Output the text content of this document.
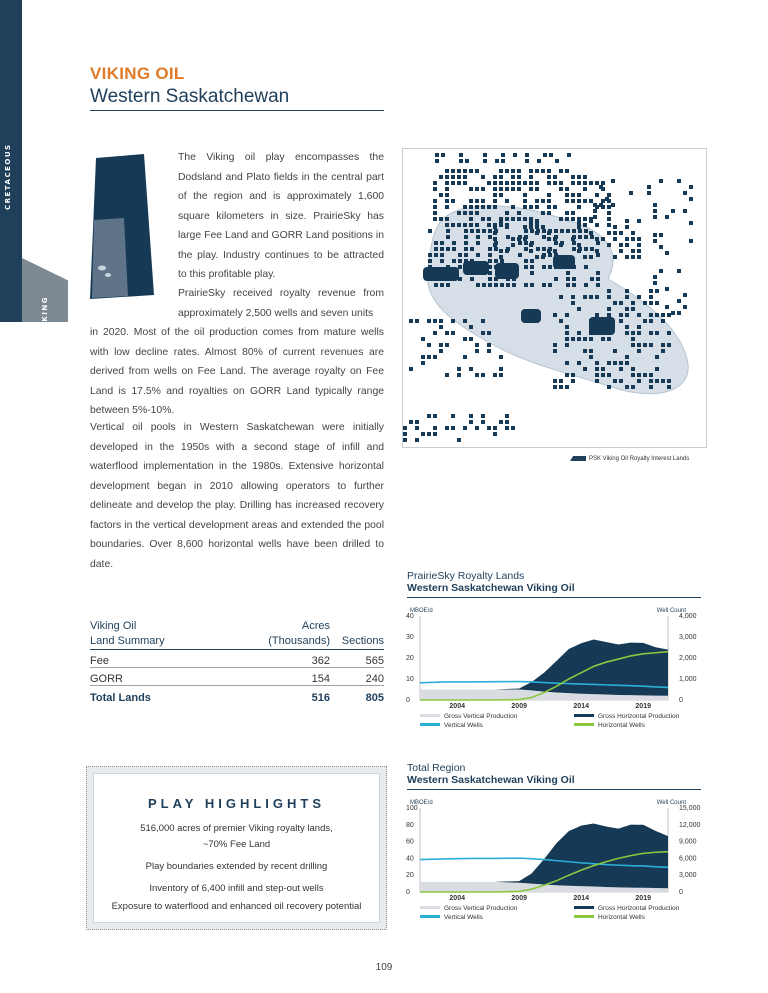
CRETACEOUS
VIKING
VIKING OIL
Western Saskatchewan
The Viking oil play encompasses the Dodsland and Plato fields in the central part of the region and is approximately 1,600 square kilometers in size. PrairieSky has large Fee Land and GORR Land positions in the play. Industry continues to be attracted to this profitable play.
PrairieSky received royalty revenue from approximately 2,500 wells and seven units
in 2020. Most of the oil production comes from mature wells with low decline rates. Almost 80% of current revenues are derived from wells on Fee Land. The average royalty on Fee Land is 17.5% and royalties on GORR Land typically range between 5%-10%.
Vertical oil pools in Western Saskatchewan were initially developed in the 1950s with a second stage of infill and waterflood implementation in the 1980s. Extensive horizontal development began in 2010 allowing operators to further delineate and develop the play. Drilling has increased recovery factors in the vertical development areas and extended the pool boundaries. Over 8,600 horizontal wells have been drilled to date.
PSK Viking Oil Royalty Interest Lands
PrairieSky Royalty Lands
Western Saskatchewan Viking Oil
MBOE/d	Well Count
40	4,000
30	3,000
20	2,000
10	1,000
0	0
2004	2009	2014	2019
Gross Vertical Production	Gross Horizontal Production
Vertical Wells	Horizontal Wells
Viking Oil
Land Summary
Acres
(Thousands)	Sections
Fee	362	565
GORR	154	240
Total Lands	516	805
Total Region
Western Saskatchewan Viking Oil
MBOE/d	Well Count
100	15,000
80	12,000
60	9,000
40	6,000
20	3,000
0	0
2004	2009	2014	2019
Gross Vertical Production	Gross Horizontal Production
Vertical Wells	Horizontal Wells
PLAY HIGHLIGHTS
516,000 acres of premier Viking royalty lands,
~70% Fee Land
Play boundaries extended by recent drilling
Inventory of 6,400 infill and step-out wells
Exposure to waterflood and enhanced oil recovery potential
109
